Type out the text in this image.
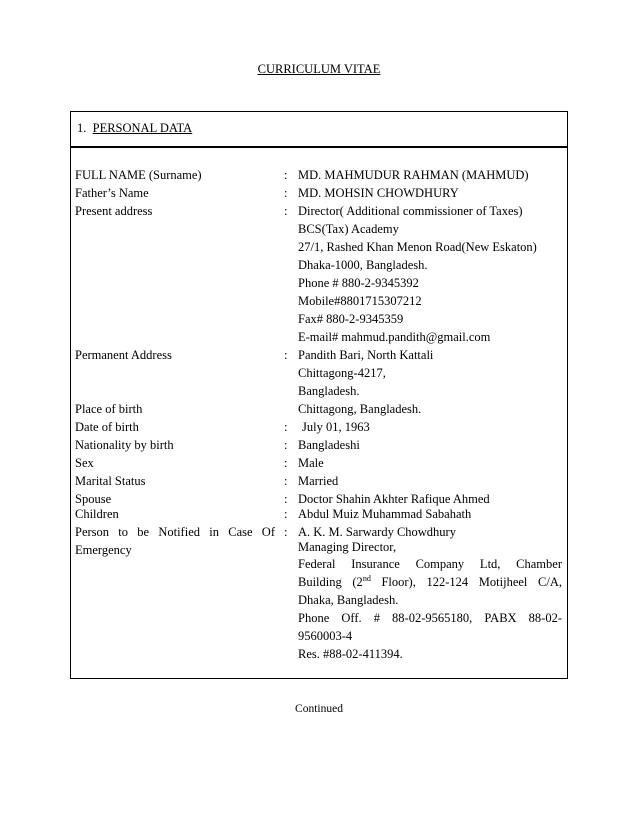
CURRICULUM VITAE
1. PERSONAL DATA
FULL NAME (Surname)	: MD. MAHMUDUR RAHMAN (MAHMUD)
Father’s Name	: MD. MOHSIN CHOWDHURY
Present address	: Director( Additional commissioner of Taxes)
BCS(Tax) Academy
27/1, Rashed Khan Menon Road(New Eskaton)
Dhaka-1000, Bangladesh.
Phone # 880-2-9345392
Mobile#8801715307212
Fax# 880-2-9345359
E-mail# mahmud.pandith@gmail.com
Permanent Address	: Pandith Bari, North Kattali
Chittagong-4217,
Bangladesh.
Place of birth	Chittagong, Bangladesh.
Date of birth	: July 01, 1963
Nationality by birth	: Bangladeshi
Sex	: Male
Marital Status	: Married
Spouse	: Doctor Shahin Akhter Rafique Ahmed
Children	: Abdul Muiz Muhammad Sabahath
Person to be Notified in Case Of
Emergency
: A. K. M. Sarwardy Chowdhury
Managing Director,
Federal Insurance Company Ltd, Chamber
Building (2nd Floor), 122-124 Motijheel C/A,
Dhaka, Bangladesh.
Phone Off. # 88-02-9565180, PABX 88-02-
9560003-4
Res. #88-02-411394.
Continued
